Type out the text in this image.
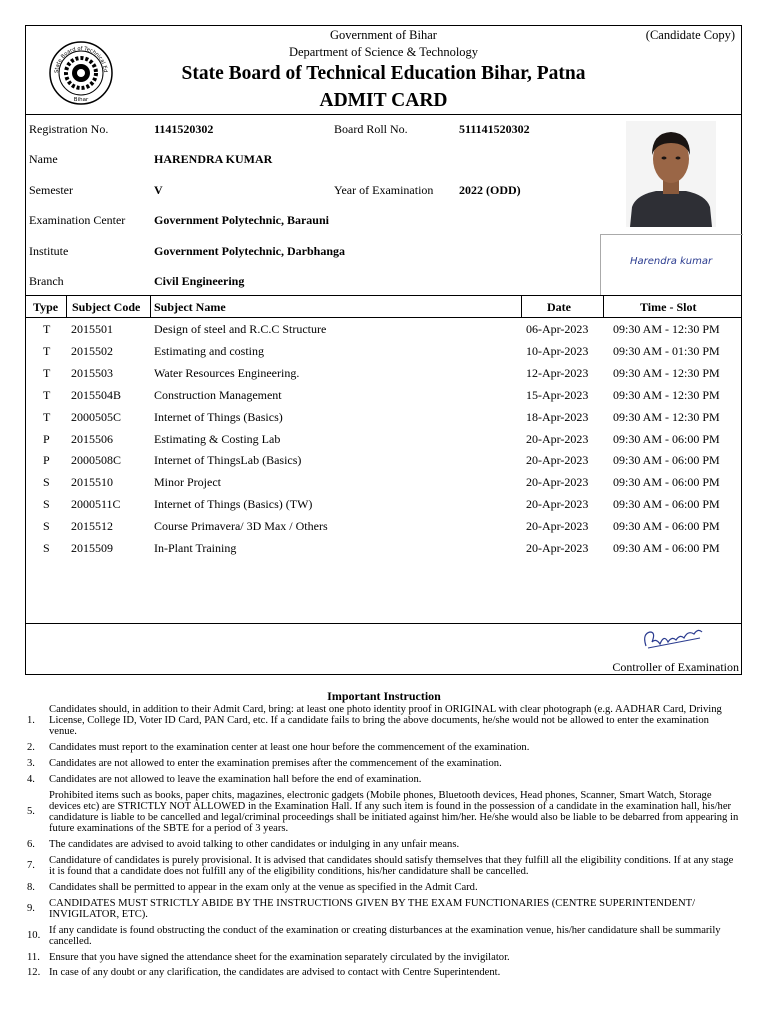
State Board of Technical Ed
Bihar
Government of Bihar
Department of Science & Technology
State Board of Technical Education Bihar, Patna
ADMIT CARD
(Candidate Copy)
Registration No.	1141520302	Board Roll No.	511141520302
Name	HARENDRA KUMAR
Semester	V	Year of Examination 2022 (ODD)
Examination Center Government Polytechnic, Barauni
Institute	Government Polytechnic, Darbhanga
Branch	Civil Engineering
Harendra kumar
Type Subject Code Subject Name	Date	Time - Slot
T 2015501	Design of steel and R.C.C Structure	06-Apr-2023 09:30 AM - 12:30 PM
T 2015502	Estimating and costing	10-Apr-2023 09:30 AM - 01:30 PM
T 2015503	Water Resources Engineering.	12-Apr-2023 09:30 AM - 12:30 PM
T 2015504B	Construction Management	15-Apr-2023 09:30 AM - 12:30 PM
T 2000505C	Internet of Things (Basics)	18-Apr-2023 09:30 AM - 12:30 PM
P 2015506	Estimating & Costing Lab	20-Apr-2023 09:30 AM - 06:00 PM
P 2000508C	Internet of ThingsLab (Basics)	20-Apr-2023 09:30 AM - 06:00 PM
S 2015510	Minor Project	20-Apr-2023 09:30 AM - 06:00 PM
S 2000511C	Internet of Things (Basics) (TW)	20-Apr-2023 09:30 AM - 06:00 PM
S 2015512	Course Primavera/ 3D Max / Others	20-Apr-2023 09:30 AM - 06:00 PM
S 2015509	In-Plant Training	20-Apr-2023 09:30 AM - 06:00 PM
Controller of Examination
Important Instruction
1.
Candidates should, in addition to their Admit Card, bring: at least one photo identity proof in ORIGINAL with clear photograph (e.g. AADHAR Card, Driving License, College ID, Voter ID Card, PAN Card, etc. If a candidate fails to bring the above documents, he/she would not be allowed to enter the examination venue.
2.	Candidates must report to the examination center at least one hour before the commencement of the examination.
3.	Candidates are not allowed to enter the examination premises after the commencement of the examination.
4.	Candidates are not allowed to leave the examination hall before the end of examination.
5.
Prohibited items such as books, paper chits, magazines, electronic gadgets (Mobile phones, Bluetooth devices, Head phones, Scanner, Smart Watch, Storage devices etc) are STRICTLY NOT ALLOWED in the Examination Hall. If any such item is found in the possession of a candidate in the examination hall, his/her candidature is liable to be cancelled and legal/criminal proceedings shall be initiated against him/her. He/she would also be liable to be debarred from appearing in future examinations of the SBTE for a period of 3 years.
6.	The candidates are advised to avoid talking to other candidates or indulging in any unfair means.
7.
Candidature of candidates is purely provisional. It is advised that candidates should satisfy themselves that they fulfill all the eligibility conditions. If at any stage it is found that a candidate does not fulfill any of the eligibility conditions, his/her candidature shall be cancelled.
8.	Candidates shall be permitted to appear in the exam only at the venue as specified in the Admit Card.
9.
CANDIDATES MUST STRICTLY ABIDE BY THE INSTRUCTIONS GIVEN BY THE EXAM FUNCTIONARIES (CENTRE SUPERINTENDENT/ INVIGILATOR, ETC).
10.
If any candidate is found obstructing the conduct of the examination or creating disturbances at the examination venue, his/her candidature shall be summarily cancelled.
11. Ensure that you have signed the attendance sheet for the examination separately circulated by the invigilator.
12. In case of any doubt or any clarification, the candidates are advised to contact with Centre Superintendent.
